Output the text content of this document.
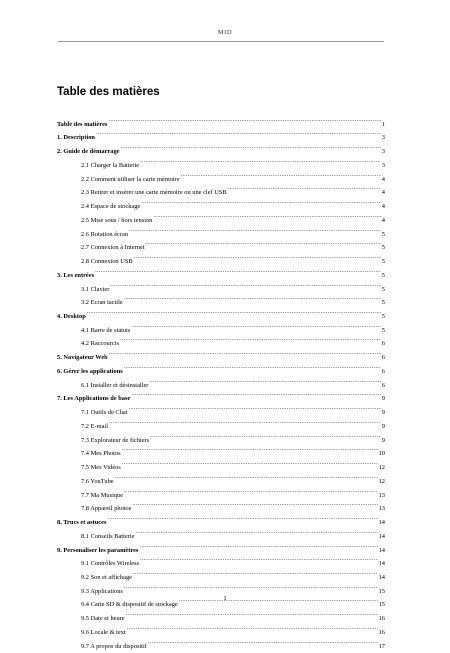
MID
Table des matières
Table des matières .....	1
1. Description .....	3
2. Guide de démarrage .....	3
2.1 Charger la Batterie .....	3
2.2 Comment utiliser la carte mémoire .....	4
2.3 Retirer et insérer une carte mémoire ou une clef USB .....	4
2.4 Espace de stockage .....	4
2.5 Mise sous / hors tension .....	4
2.6 Rotation écran .....	5
2.7 Connexion à Internet .....	5
2.8 Connexion USB .....	5
3. Les entrées .....	5
3.1 Clavier .....	5
3.2 Ecran tactile .....	5
4. Desktop .....	5
4.1 Barre de statuts .....	5
4.2 Raccourcis .....	6
5. Navigateur Web .....	6
6. Gérer les applications .....	6
6.1 Installer et désinstaller .....	6
7. Les Applications de base .....	9
7.1 Outils de Chat .....	9
7.2 E-mail .....	9
7.3 Explorateur de fichiers .....	9
7.4 Mes Photos .....	10
7.5 Mes Vidéos .....	12
7.6 YouTube .....	12
7.7 Ma Musique .....	13
7.8 Appareil photos .....	13
8. Trucs et astuces .....	14
8.1 Conseils Batterie .....	14
9. Personaliser les paramètres .....	14
9.1 Contrôles Wireless .....	14
9.2 Son et affichage .....	14
9.3 Applications .....	15
9.4 Carte SD & dispositif de stockage .....	15
9.5 Date et heure .....	16
9.6 Locale & text .....	16
9.7 A propos du dispositif .....	17
1
